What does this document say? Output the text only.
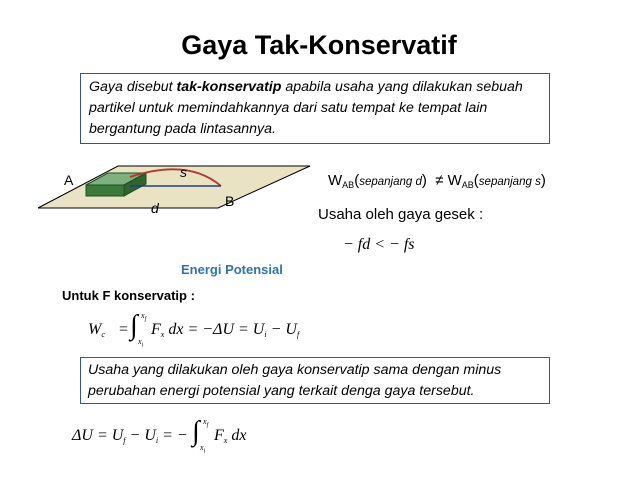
Gaya Tak-Konservatif
Gaya disebut tak-konservatip apabila usaha yang dilakukan sebuah partikel untuk memindahkannya dari satu tempat ke tempat lain bergantung pada lintasannya.
A
B
s
d
$W_{AB}(sepanjang$ $d) \ne W_{AB}(sepanjang$ s)
Usaha oleh gaya gesek :
− fd < − fs
Energi Potensial
Untuk F konservatip :
Wc = ∫ $x_f$
$x_i$
Fx dx = −ΔU = Ui − Uf
Usaha yang dilakukan oleh gaya konservatip sama dengan minus perubahan energi potensial yang terkait denga gaya tersebut.
ΔU = Uf − Ui = − ∫ $x_f$
$x_i$
Fx dx
